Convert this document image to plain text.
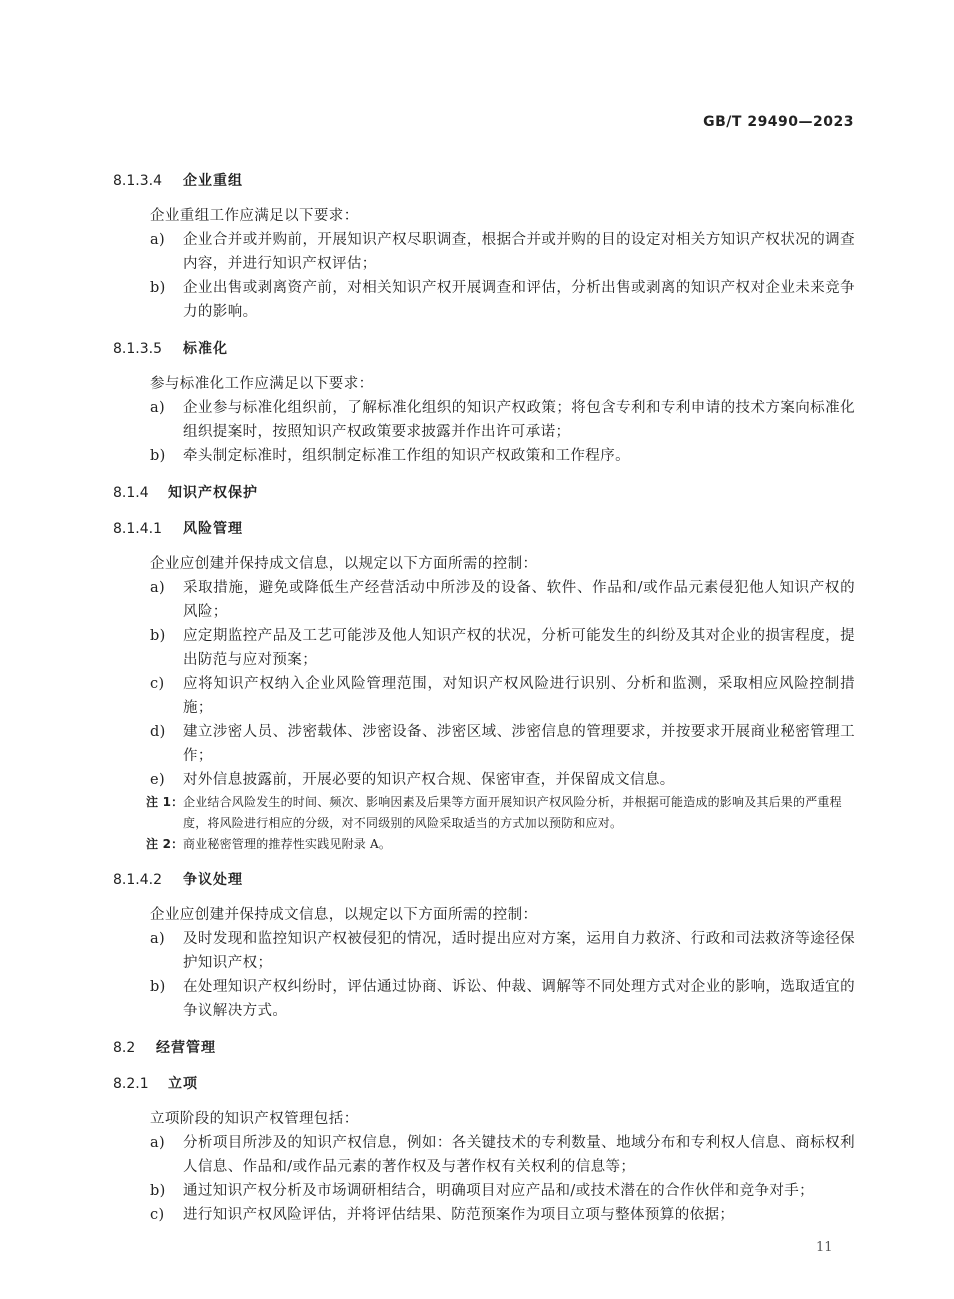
GB/T 29490—2023
8.1.3.4 企业重组

企业重组工作应满足以下要求：

a) 企业合并或并购前，开展知识产权尽职调查，根据合并或并购的目的设定对相关方知识产权状况的调查内容，并进行知识产权评估；

b) 企业出售或剥离资产前，对相关知识产权开展调查和评估，分析出售或剥离的知识产权对企业未来竞争力的影响。

8.1.3.5 标准化

参与标准化工作应满足以下要求：

a) 企业参与标准化组织前，了解标准化组织的知识产权政策；将包含专利和专利申请的技术方案向标准化组织提案时，按照知识产权政策要求披露并作出许可承诺；

b) 牵头制定标准时，组织制定标准工作组的知识产权政策和工作程序。

8.1.4 知识产权保护
8.1.4.1 风险管理

企业应创建并保持成文信息，以规定以下方面所需的控制：

a) 采取措施，避免或降低生产经营活动中所涉及的设备、软件、作品和/或作品元素侵犯他人知识产权的风险；

b) 应定期监控产品及工艺可能涉及他人知识产权的状况，分析可能发生的纠纷及其对企业的损害程度，提出防范与应对预案；

c) 应将知识产权纳入企业风险管理范围，对知识产权风险进行识别、分析和监测，采取相应风险控制措施；

d) 建立涉密人员、涉密载体、涉密设备、涉密区域、涉密信息的管理要求，并按要求开展商业秘密管理工作；

e) 对外信息披露前，开展必要的知识产权合规、保密审查，并保留成文信息。

注 1： 企业结合风险发生的时间、频次、影响因素及后果等方面开展知识产权风险分析，并根据可能造成的影响及其后果的严重程度，将风险进行相应的分级，对不同级别的风险采取适当的方式加以预防和应对。

注 2： 商业秘密管理的推荐性实践见附录 A。

8.1.4.2 争议处理

企业应创建并保持成文信息，以规定以下方面所需的控制：

a) 及时发现和监控知识产权被侵犯的情况，适时提出应对方案，运用自力救济、行政和司法救济等途径保护知识产权；

b) 在处理知识产权纠纷时，评估通过协商、诉讼、仲裁、调解等不同处理方式对企业的影响，选取适宜的争议解决方式。

8.2 经营管理
8.2.1 立项

立项阶段的知识产权管理包括：

a) 分析项目所涉及的知识产权信息，例如：各关键技术的专利数量、地域分布和专利权人信息、商标权利人信息、作品和/或作品元素的著作权及与著作权有关权利的信息等；

b) 通过知识产权分析及市场调研相结合，明确项目对应产品和/或技术潜在的合作伙伴和竞争对手；

c) 进行知识产权风险评估，并将评估结果、防范预案作为项目立项与整体预算的依据；

11
